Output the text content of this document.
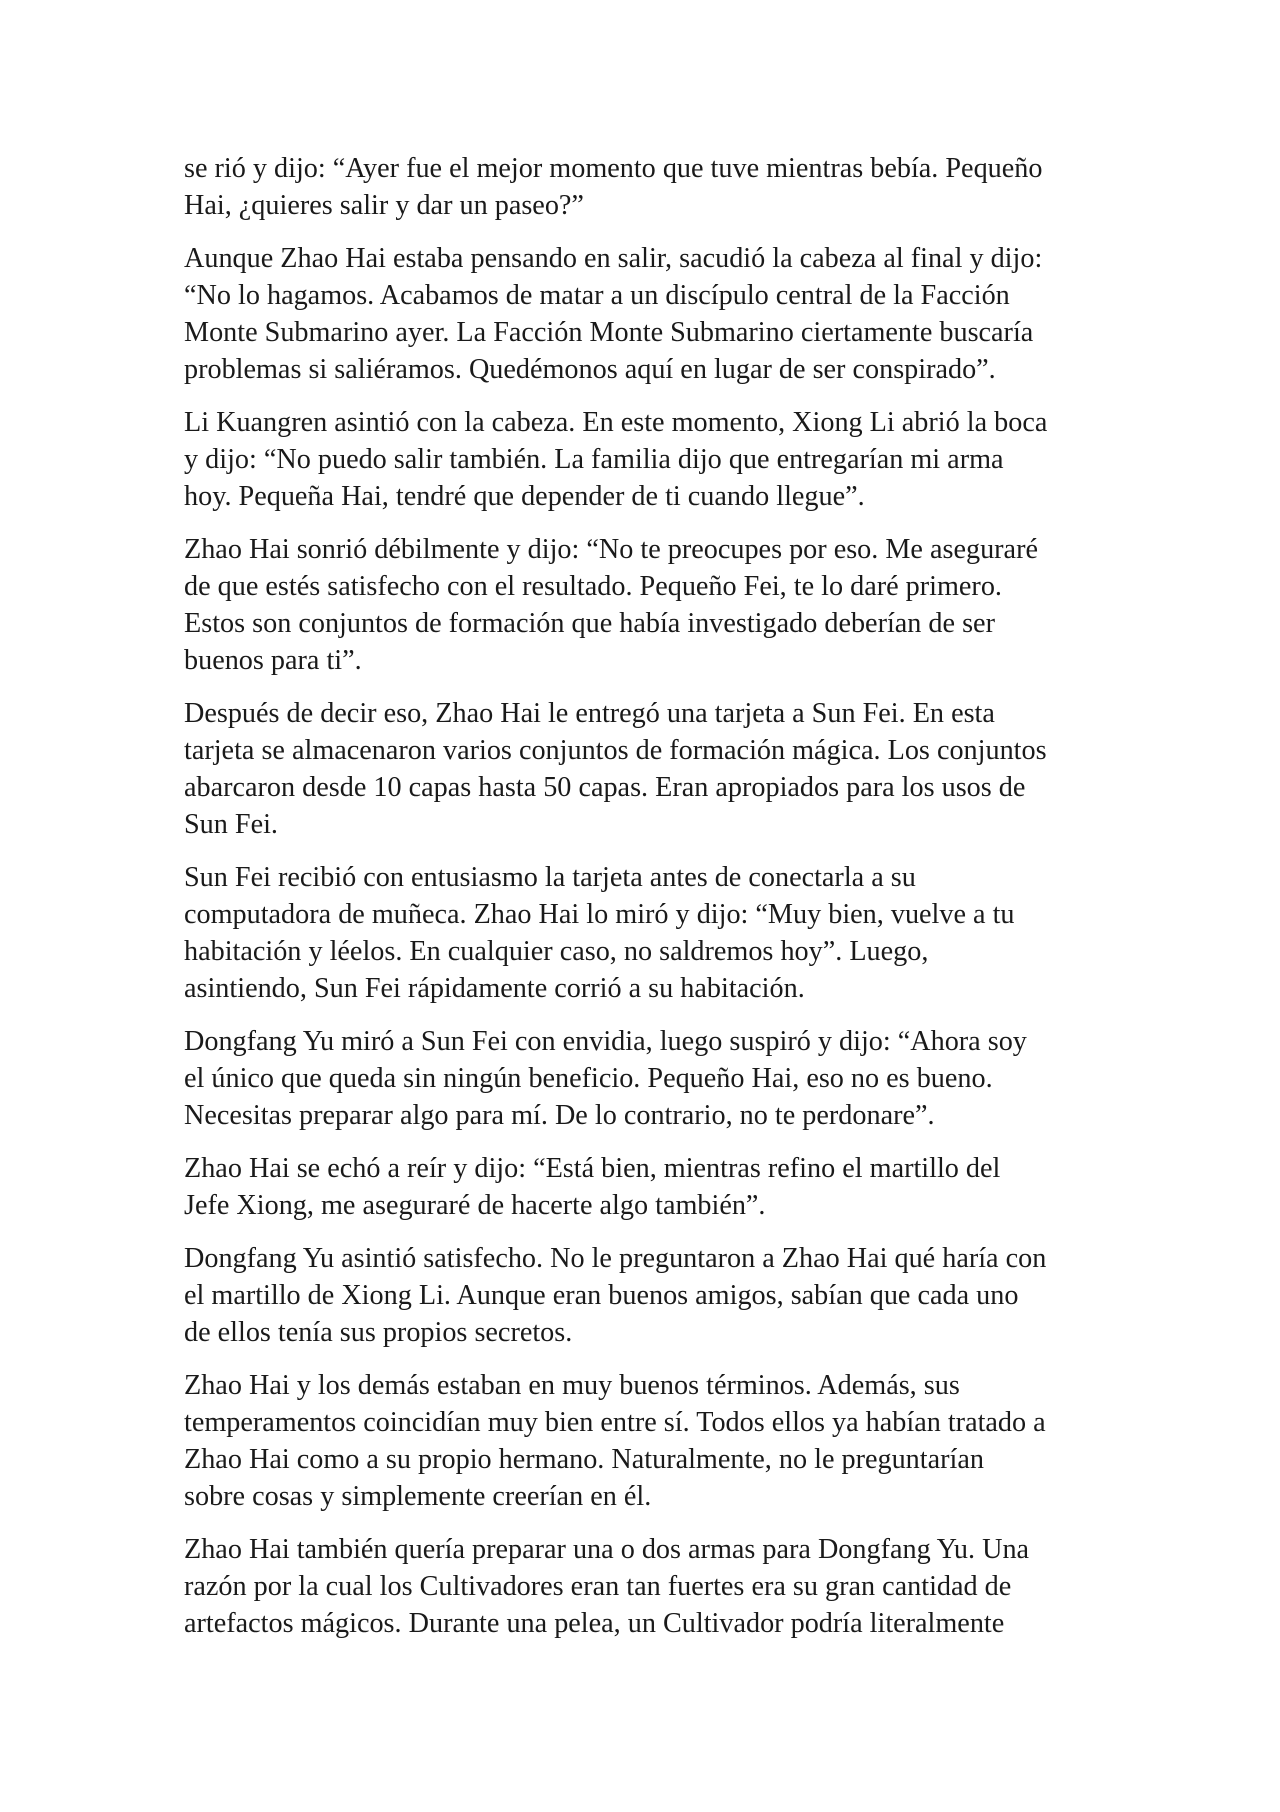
se rió y dijo: “Ayer fue el mejor momento que tuve mientras bebía. Pequeño
Hai, ¿quieres salir y dar un paseo?”

Aunque Zhao Hai estaba pensando en salir, sacudió la cabeza al final y dijo:
“No lo hagamos. Acabamos de matar a un discípulo central de la Facción
Monte Submarino ayer. La Facción Monte Submarino ciertamente buscaría
problemas si saliéramos. Quedémonos aquí en lugar de ser conspirado”.

Li Kuangren asintió con la cabeza. En este momento, Xiong Li abrió la boca
y dijo: “No puedo salir también. La familia dijo que entregarían mi arma
hoy. Pequeña Hai, tendré que depender de ti cuando llegue”.

Zhao Hai sonrió débilmente y dijo: “No te preocupes por eso. Me aseguraré
de que estés satisfecho con el resultado. Pequeño Fei, te lo daré primero.
Estos son conjuntos de formación que había investigado deberían de ser
buenos para ti”.

Después de decir eso, Zhao Hai le entregó una tarjeta a Sun Fei. En esta
tarjeta se almacenaron varios conjuntos de formación mágica. Los conjuntos
abarcaron desde 10 capas hasta 50 capas. Eran apropiados para los usos de
Sun Fei.

Sun Fei recibió con entusiasmo la tarjeta antes de conectarla a su
computadora de muñeca. Zhao Hai lo miró y dijo: “Muy bien, vuelve a tu
habitación y léelos. En cualquier caso, no saldremos hoy”. Luego,
asintiendo, Sun Fei rápidamente corrió a su habitación.

Dongfang Yu miró a Sun Fei con envidia, luego suspiró y dijo: “Ahora soy
el único que queda sin ningún beneficio. Pequeño Hai, eso no es bueno.
Necesitas preparar algo para mí. De lo contrario, no te perdonare”.

Zhao Hai se echó a reír y dijo: “Está bien, mientras refino el martillo del
Jefe Xiong, me aseguraré de hacerte algo también”.

Dongfang Yu asintió satisfecho. No le preguntaron a Zhao Hai qué haría con
el martillo de Xiong Li. Aunque eran buenos amigos, sabían que cada uno
de ellos tenía sus propios secretos.

Zhao Hai y los demás estaban en muy buenos términos. Además, sus
temperamentos coincidían muy bien entre sí. Todos ellos ya habían tratado a
Zhao Hai como a su propio hermano. Naturalmente, no le preguntarían
sobre cosas y simplemente creerían en él.

Zhao Hai también quería preparar una o dos armas para Dongfang Yu. Una
razón por la cual los Cultivadores eran tan fuertes era su gran cantidad de
artefactos mágicos. Durante una pelea, un Cultivador podría literalmente
